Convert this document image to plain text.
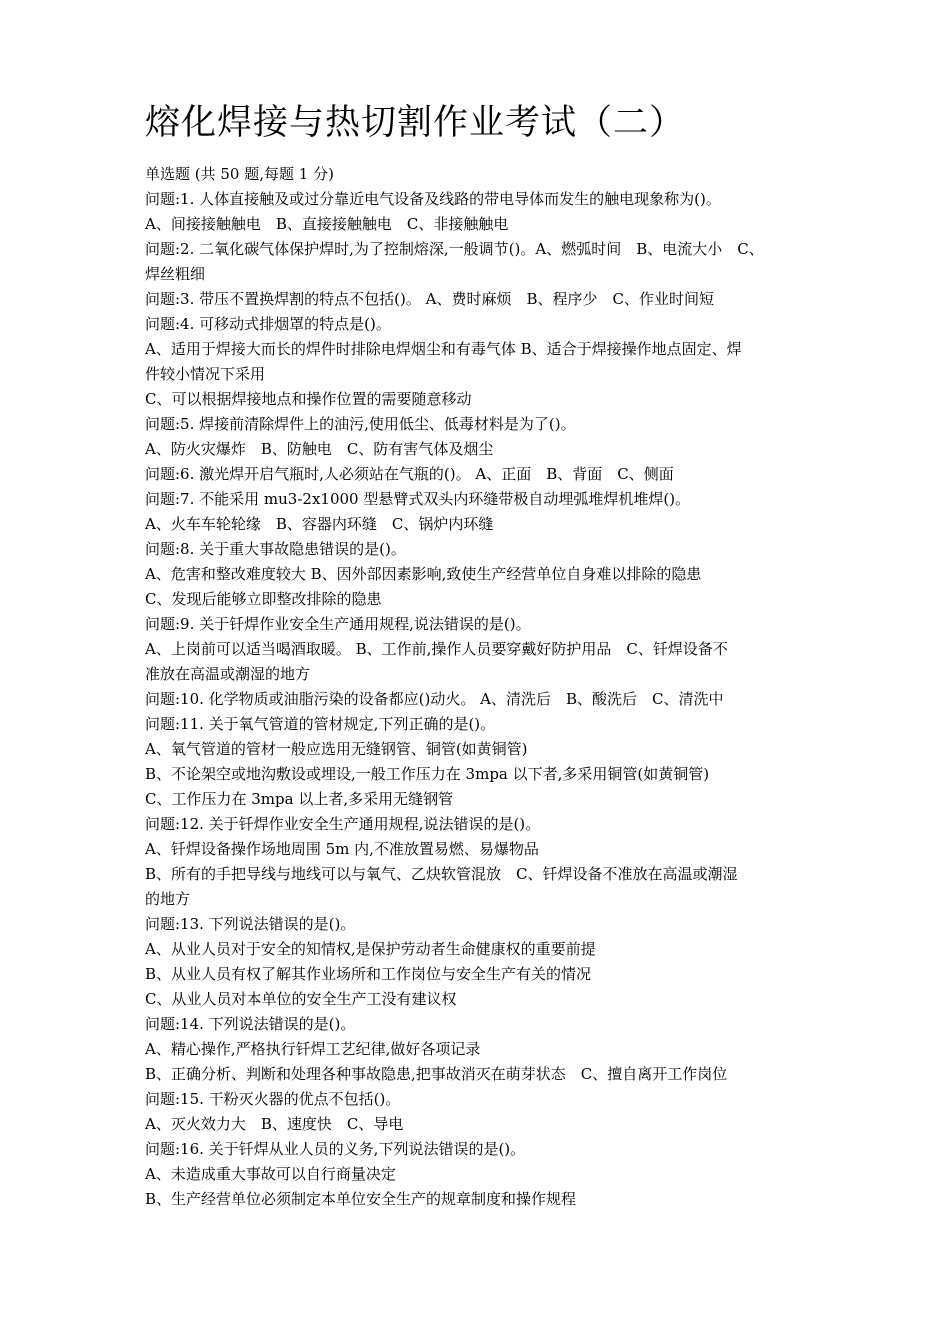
熔化焊接与热切割作业考试（二）

单选题 (共 50 题,每题 1 分)

问题:1. 人体直接触及或过分靠近电气设备及线路的带电导体而发生的触电现象称为()。

A、间接接触触电　B、直接接触触电　C、非接触触电

问题:2. 二氧化碳气体保护焊时,为了控制熔深,一般调节()。A、燃弧时间　B、电流大小　C、

焊丝粗细

问题:3. 带压不置换焊割的特点不包括()。 A、费时麻烦　B、程序少　C、作业时间短

问题:4. 可移动式排烟罩的特点是()。

A、适用于焊接大而长的焊件时排除电焊烟尘和有毒气体 B、适合于焊接操作地点固定、焊

件较小情况下采用

C、可以根据焊接地点和操作位置的需要随意移动

问题:5. 焊接前清除焊件上的油污,使用低尘、低毒材料是为了()。

A、防火灾爆炸　B、防触电　C、防有害气体及烟尘

问题:6. 激光焊开启气瓶时,人必须站在气瓶的()。 A、正面　B、背面　C、侧面

问题:7. 不能采用 mu3-2x1000 型悬臂式双头内环缝带极自动埋弧堆焊机堆焊()。

A、火车车轮轮缘　B、容器内环缝　C、锅炉内环缝

问题:8. 关于重大事故隐患错误的是()。

A、危害和整改难度较大 B、因外部因素影响,致使生产经营单位自身难以排除的隐患

C、发现后能够立即整改排除的隐患

问题:9. 关于钎焊作业安全生产通用规程,说法错误的是()。

A、上岗前可以适当喝酒取暖。 B、工作前,操作人员要穿戴好防护用品　C、钎焊设备不

准放在高温或潮湿的地方

问题:10. 化学物质或油脂污染的设备都应()动火。 A、清洗后　B、酸洗后　C、清洗中

问题:11. 关于氧气管道的管材规定,下列正确的是()。

A、氧气管道的管材一般应选用无缝钢管、铜管(如黄铜管)

B、不论架空或地沟敷设或埋设,一般工作压力在 3mpa 以下者,多采用铜管(如黄铜管)

C、工作压力在 3mpa 以上者,多采用无缝钢管

问题:12. 关于钎焊作业安全生产通用规程,说法错误的是()。

A、钎焊设备操作场地周围 5m 内,不准放置易燃、易爆物品

B、所有的手把导线与地线可以与氧气、乙炔软管混放　C、钎焊设备不准放在高温或潮湿

的地方

问题:13. 下列说法错误的是()。

A、从业人员对于安全的知情权,是保护劳动者生命健康权的重要前提

B、从业人员有权了解其作业场所和工作岗位与安全生产有关的情况

C、从业人员对本单位的安全生产工没有建议权

问题:14. 下列说法错误的是()。

A、精心操作,严格执行钎焊工艺纪律,做好各项记录

B、正确分析、判断和处理各种事故隐患,把事故消灭在萌芽状态　C、擅自离开工作岗位

问题:15. 干粉灭火器的优点不包括()。

A、灭火效力大　B、速度快　C、导电

问题:16. 关于钎焊从业人员的义务,下列说法错误的是()。

A、未造成重大事故可以自行商量决定

B、生产经营单位必须制定本单位安全生产的规章制度和操作规程
